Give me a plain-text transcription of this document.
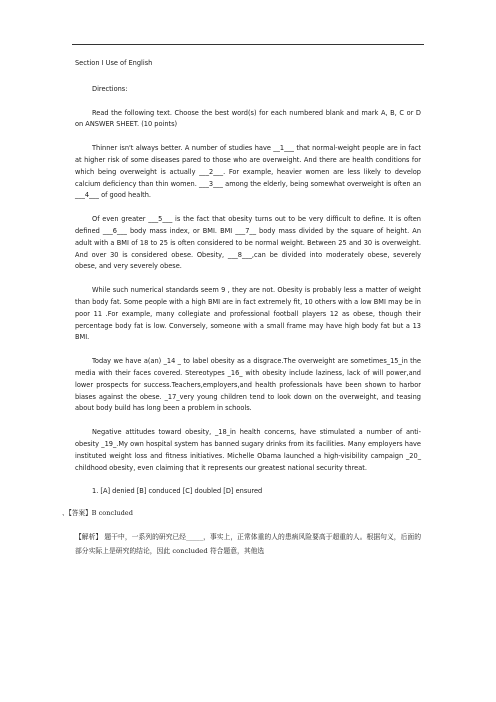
Section I Use of English

Directions:

Read the following text. Choose the best word(s) for each numbered blank and mark A, B, C or D on ANSWER SHEET. (10 points)

Thinner isn't always better. A number of studies have __1___ that normal-weight people are in fact at higher risk of some diseases pared to those who are overweight. And there are health conditions for which being overweight is actually ___2___. For example, heavier women are less likely to develop calcium deficiency than thin women. ___3___ among the elderly, being somewhat overweight is often an ___4___ of good health.

Of even greater ___5___ is the fact that obesity turns out to be very difficult to define. It is often defined ___6___ body mass index, or BMI. BMI ___7__ body mass divided by the square of height. An adult with a BMI of 18 to 25 is often considered to be normal weight. Between 25 and 30 is overweight. And over 30 is considered obese. Obesity, ___8___,can be divided into moderately obese, severely obese, and very severely obese.

While such numerical standards seem 9 , they are not. Obesity is probably less a matter of weight than body fat. Some people with a high BMI are in fact extremely fit, 10 others with a low BMI may be in poor 11 .For example, many collegiate and professional football players 12 as obese, though their percentage body fat is low. Conversely, someone with a small frame may have high body fat but a 13 BMI.

Today we have a(an) _14 _ to label obesity as a disgrace.The overweight are sometimes_15_in the media with their faces covered. Stereotypes _16_ with obesity include laziness, lack of will power,and lower prospects for success.Teachers,employers,and health professionals have been shown to harbor biases against the obese. _17_very young children tend to look down on the overweight, and teasing about body build has long been a problem in schools.

Negative attitudes toward obesity, _18_in health concerns, have stimulated a number of anti-obesity _19_.My own hospital system has banned sugary drinks from its facilities. Many employers have instituted weight loss and fitness initiatives. Michelle Obama launched a high-visibility campaign _20_ childhood obesity, even claiming that it represents our greatest national security threat.

1. [A] denied [B] conduced [C] doubled [D] ensured

、【答案】B concluded

【解析】 题干中，一系列的研究已经_____，事实上，正常体重的人的患病风险要高于超重的人。根据句义，后面的部分实际上是研究的结论，因此 concluded 符合题意，其他选
